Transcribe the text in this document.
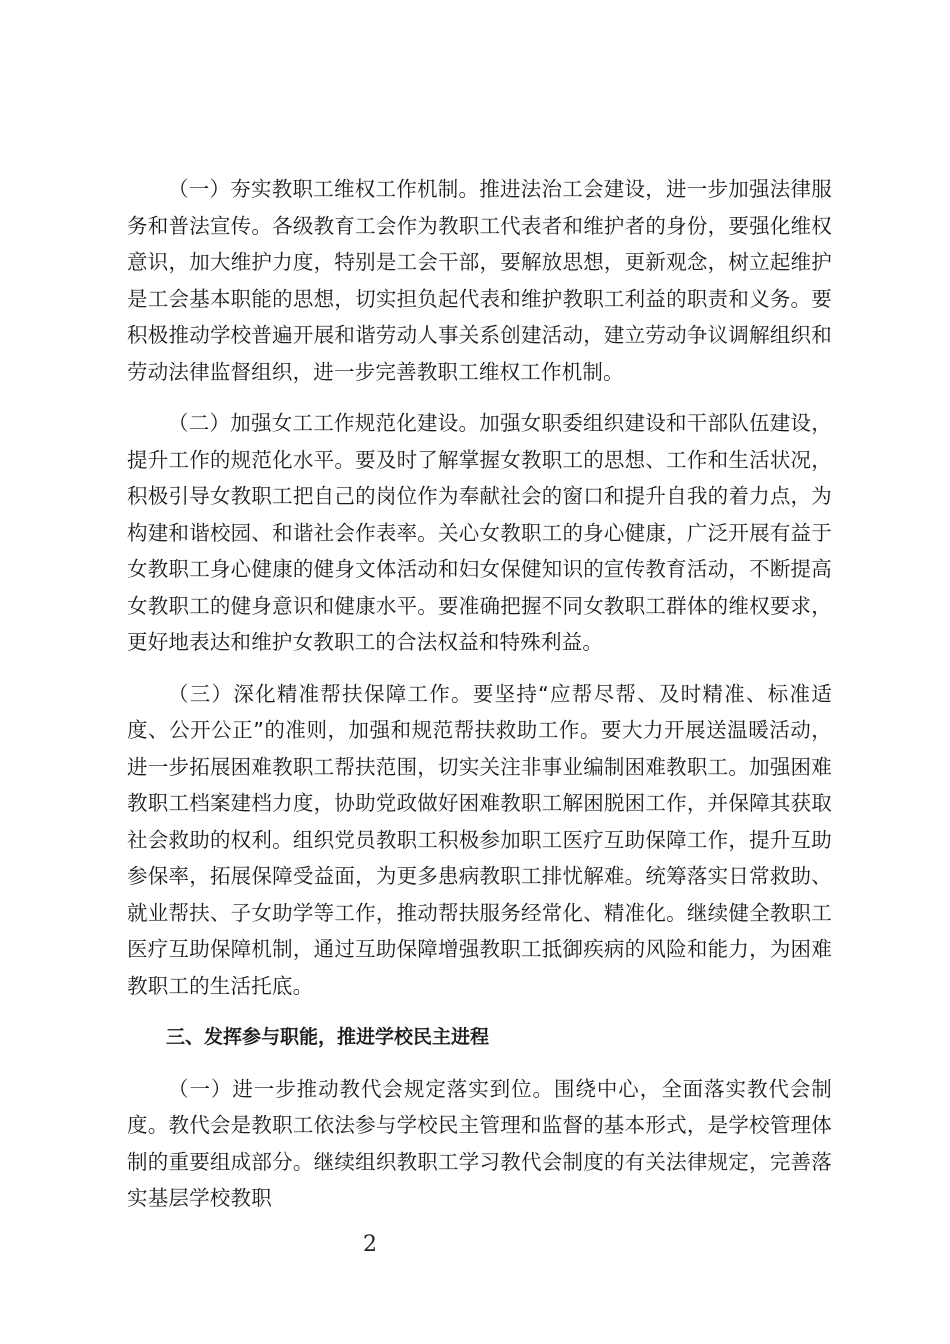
（一）夯实教职工维权工作机制。推进法治工会建设，进一步加强法律服务和普法宣传。各级教育工会作为教职工代表者和维护者的身份，要强化维权意识，加大维护力度，特别是工会干部，要解放思想，更新观念，树立起维护是工会基本职能的思想，切实担负起代表和维护教职工利益的职责和义务。要积极推动学校普遍开展和谐劳动人事关系创建活动，建立劳动争议调解组织和劳动法律监督组织，进一步完善教职工维权工作机制。

（二）加强女工工作规范化建设。加强女职委组织建设和干部队伍建设，提升工作的规范化水平。要及时了解掌握女教职工的思想、工作和生活状况，积极引导女教职工把自己的岗位作为奉献社会的窗口和提升自我的着力点，为构建和谐校园、和谐社会作表率。关心女教职工的身心健康，广泛开展有益于女教职工身心健康的健身文体活动和妇女保健知识的宣传教育活动，不断提高女教职工的健身意识和健康水平。要准确把握不同女教职工群体的维权要求，更好地表达和维护女教职工的合法权益和特殊利益。

（三）深化精准帮扶保障工作。要坚持“应帮尽帮、及时精准、标准适度、公开公正”的准则，加强和规范帮扶救助工作。要大力开展送温暖活动，进一步拓展困难教职工帮扶范围，切实关注非事业编制困难教职工。加强困难教职工档案建档力度，协助党政做好困难教职工解困脱困工作，并保障其获取社会救助的权利。组织党员教职工积极参加职工医疗互助保障工作，提升互助参保率，拓展保障受益面，为更多患病教职工排忧解难。统筹落实日常救助、就业帮扶、子女助学等工作，推动帮扶服务经常化、精准化。继续健全教职工医疗互助保障机制，通过互助保障增强教职工抵御疾病的风险和能力，为困难教职工的生活托底。

三、发挥参与职能，推进学校民主进程

（一）进一步推动教代会规定落实到位。围绕中心，全面落实教代会制度。教代会是教职工依法参与学校民主管理和监督的基本形式，是学校管理体制的重要组成部分。继续组织教职工学习教代会制度的有关法律规定，完善落实基层学校教职

2
